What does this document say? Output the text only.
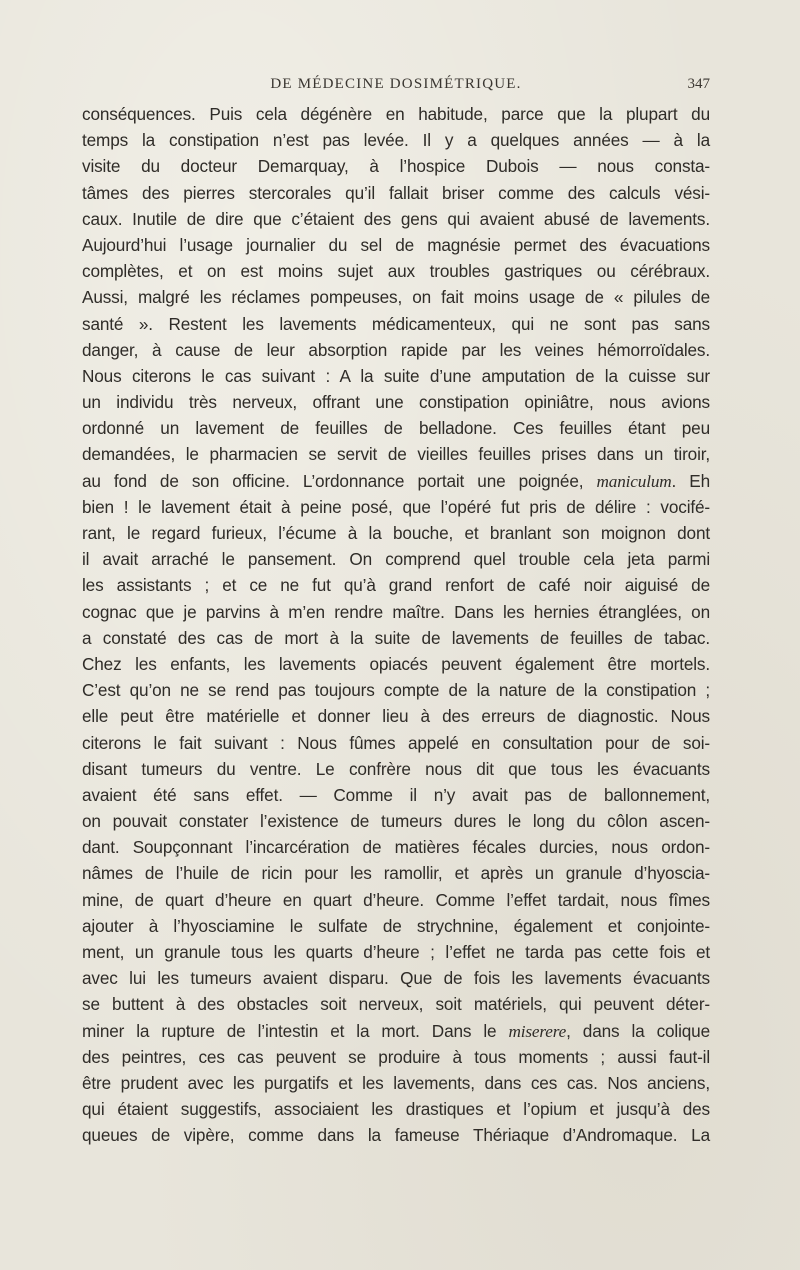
DE MÉDECINE DOSIMÉTRIQUE.	347
conséquences. Puis cela dégénère en habitude, parce que la plupart du
temps la constipation n’est pas levée. Il y a quelques années — à la
visite du docteur Demarquay, à l’hospice Dubois — nous consta-
tâmes des pierres stercorales qu’il fallait briser comme des calculs vési-
caux. Inutile de dire que c’étaient des gens qui avaient abusé de lavements.
Aujourd’hui l’usage journalier du sel de magnésie permet des évacuations
complètes, et on est moins sujet aux troubles gastriques ou cérébraux.
Aussi, malgré les réclames pompeuses, on fait moins usage de « pilules de
santé ». Restent les lavements médicamenteux, qui ne sont pas sans
danger, à cause de leur absorption rapide par les veines hémorroïdales.
Nous citerons le cas suivant : A la suite d’une amputation de la cuisse sur
un individu très nerveux, offrant une constipation opiniâtre, nous avions
ordonné un lavement de feuilles de belladone. Ces feuilles étant peu
demandées, le pharmacien se servit de vieilles feuilles prises dans un tiroir,
au fond de son officine. L’ordonnance portait une poignée, maniculum. Eh
bien ! le lavement était à peine posé, que l’opéré fut pris de délire : vocifé-
rant, le regard furieux, l’écume à la bouche, et branlant son moignon dont
il avait arraché le pansement. On comprend quel trouble cela jeta parmi
les assistants ; et ce ne fut qu’à grand renfort de café noir aiguisé de
cognac que je parvins à m’en rendre maître. Dans les hernies étranglées, on
a constaté des cas de mort à la suite de lavements de feuilles de tabac.
Chez les enfants, les lavements opiacés peuvent également être mortels.
C’est qu’on ne se rend pas toujours compte de la nature de la constipation ;
elle peut être matérielle et donner lieu à des erreurs de diagnostic. Nous
citerons le fait suivant : Nous fûmes appelé en consultation pour de soi-
disant tumeurs du ventre. Le confrère nous dit que tous les évacuants
avaient été sans effet. — Comme il n’y avait pas de ballonnement,
on pouvait constater l’existence de tumeurs dures le long du côlon ascen-
dant. Soupçonnant l’incarcération de matières fécales durcies, nous ordon-
nâmes de l’huile de ricin pour les ramollir, et après un granule d’hyoscia-
mine, de quart d’heure en quart d’heure. Comme l’effet tardait, nous fîmes
ajouter à l’hyosciamine le sulfate de strychnine, également et conjointe-
ment, un granule tous les quarts d’heure ; l’effet ne tarda pas cette fois et
avec lui les tumeurs avaient disparu. Que de fois les lavements évacuants
se buttent à des obstacles soit nerveux, soit matériels, qui peuvent déter-
miner la rupture de l’intestin et la mort. Dans le miserere, dans la colique
des peintres, ces cas peuvent se produire à tous moments ; aussi faut-il
être prudent avec les purgatifs et les lavements, dans ces cas. Nos anciens,
qui étaient suggestifs, associaient les drastiques et l’opium et jusqu’à des
queues de vipère, comme dans la fameuse Thériaque d’Andromaque. La
